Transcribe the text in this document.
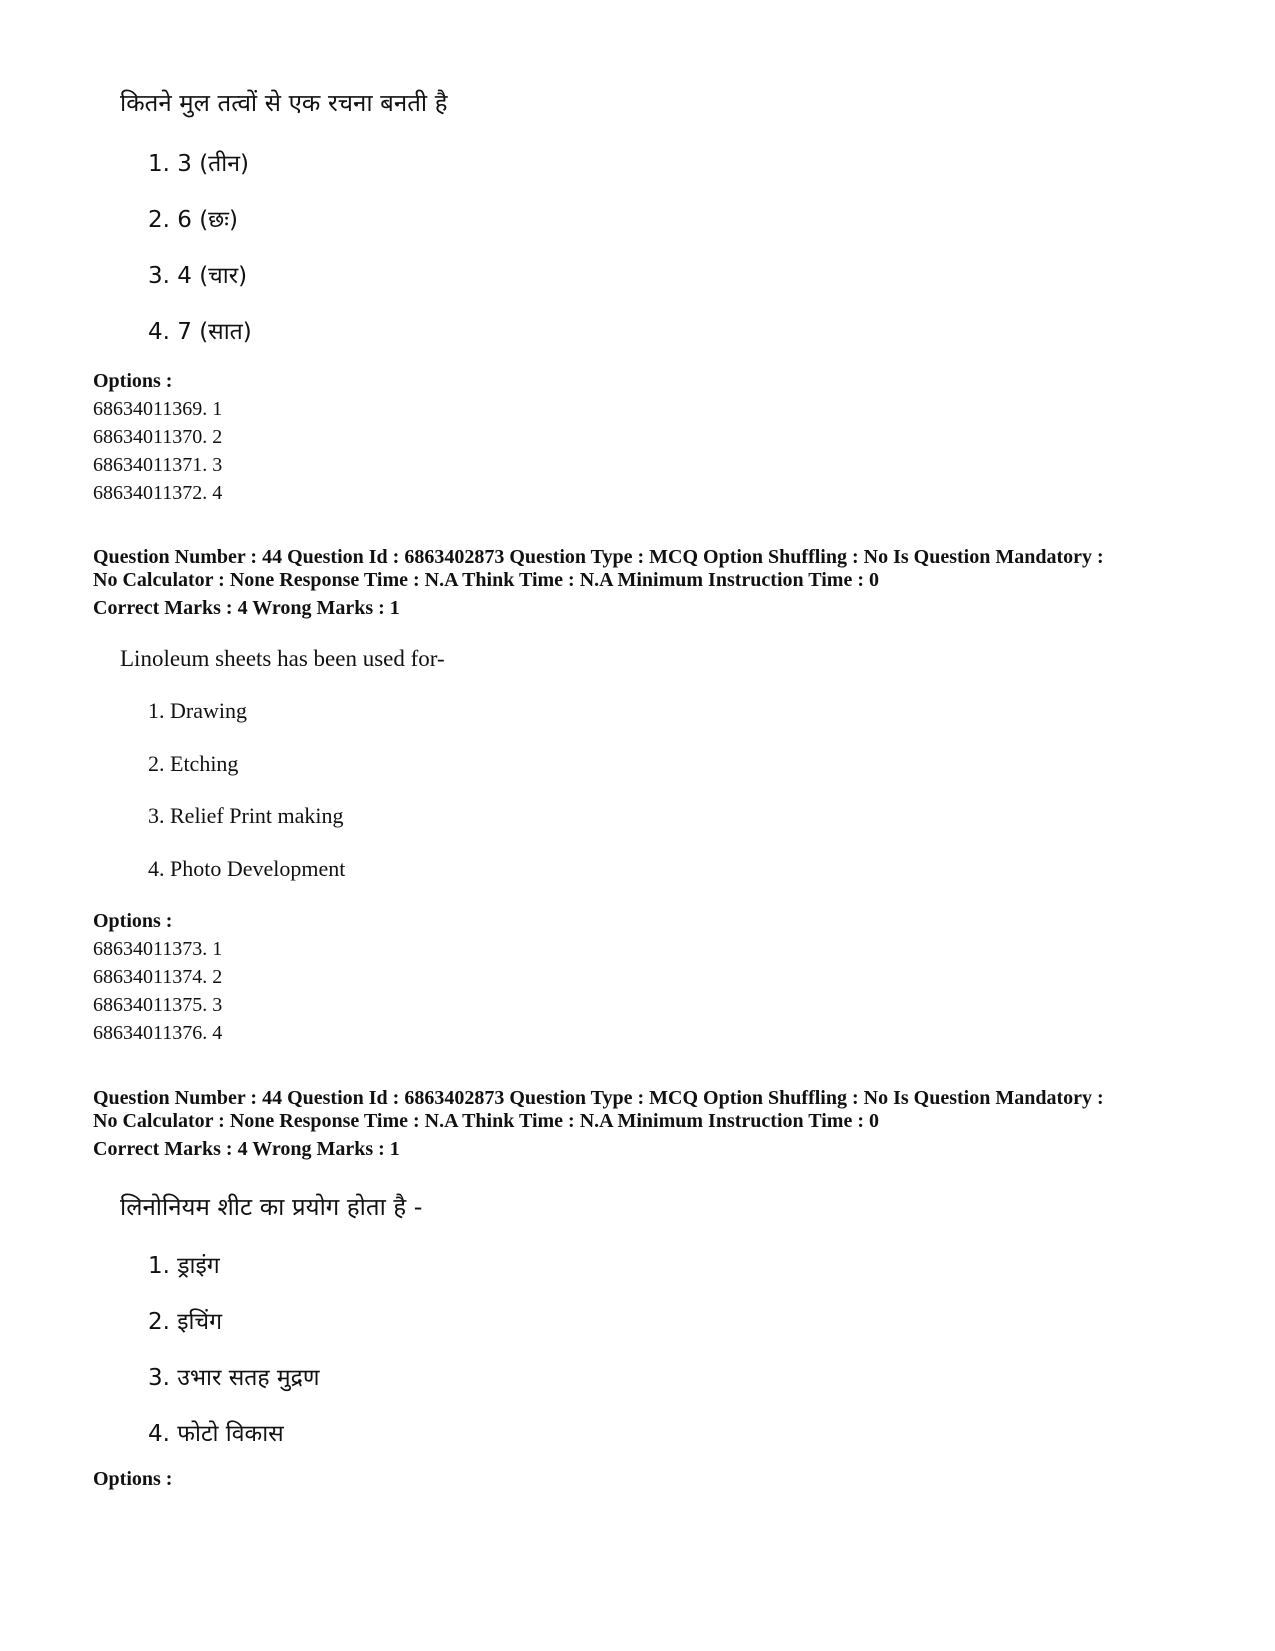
कितने मुल तत्वों से एक रचना बनती है
1. 3 (तीन)
2. 6 (छः)
3. 4 (चार)
4. 7 (सात)
Options :
68634011369. 1
68634011370. 2
68634011371. 3
68634011372. 4
Question Number : 44 Question Id : 6863402873 Question Type : MCQ Option Shuffling : No Is Question Mandatory :
No Calculator : None Response Time : N.A Think Time : N.A Minimum Instruction Time : 0
Correct Marks : 4 Wrong Marks : 1
Linoleum sheets has been used for-
1. Drawing
2. Etching
3. Relief Print making
4. Photo Development
Options :
68634011373. 1
68634011374. 2
68634011375. 3
68634011376. 4
Question Number : 44 Question Id : 6863402873 Question Type : MCQ Option Shuffling : No Is Question Mandatory :
No Calculator : None Response Time : N.A Think Time : N.A Minimum Instruction Time : 0
Correct Marks : 4 Wrong Marks : 1
लिनोनियम शीट का प्रयोग होता है -
1. ड्राइंग
2. इचिंग
3. उभार सतह मुद्रण
4. फोटो विकास
Options :
